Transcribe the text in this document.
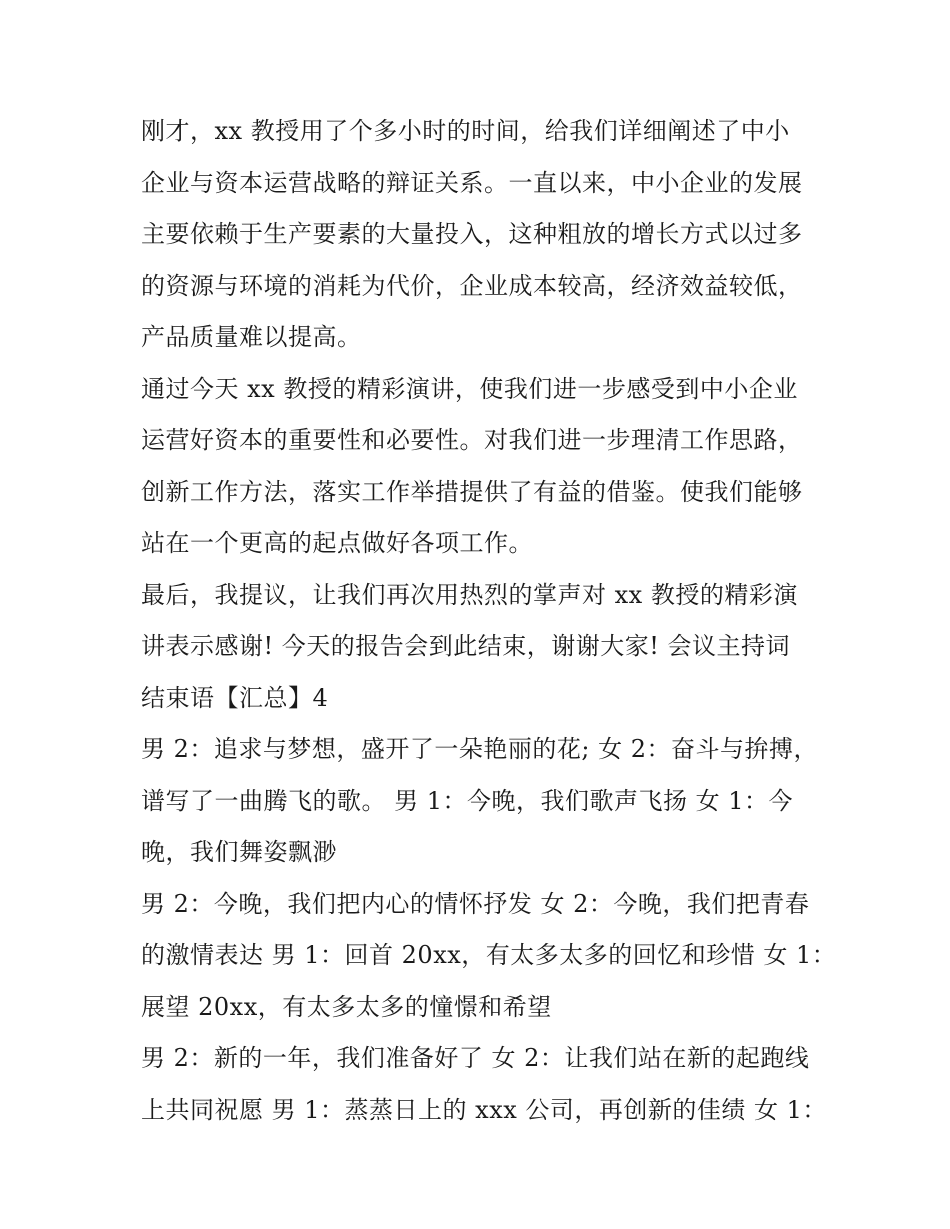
刚才，xx 教授用了个多小时的时间，给我们详细阐述了中小
企业与资本运营战略的辩证关系。一直以来，中小企业的发展
主要依赖于生产要素的大量投入，这种粗放的增长方式以过多
的资源与环境的消耗为代价，企业成本较高，经济效益较低，
产品质量难以提高。
通过今天 xx 教授的精彩演讲，使我们进一步感受到中小企业
运营好资本的重要性和必要性。对我们进一步理清工作思路，
创新工作方法，落实工作举措提供了有益的借鉴。使我们能够
站在一个更高的起点做好各项工作。
最后，我提议，让我们再次用热烈的掌声对 xx 教授的精彩演
讲表示感谢! 今天的报告会到此结束，谢谢大家! 会议主持词
结束语【汇总】4
男 2：追求与梦想，盛开了一朵艳丽的花; 女 2：奋斗与拚搏，
谱写了一曲腾飞的歌。 男 1：今晚，我们歌声飞扬 女 1：今
晚，我们舞姿飘渺
男 2：今晚，我们把内心的情怀抒发 女 2：今晚，我们把青春
的激情表达 男 1：回首 20xx，有太多太多的回忆和珍惜 女 1：
展望 20xx，有太多太多的憧憬和希望
男 2：新的一年，我们准备好了 女 2：让我们站在新的起跑线
上共同祝愿 男 1：蒸蒸日上的 xxx 公司，再创新的佳绩 女 1：
